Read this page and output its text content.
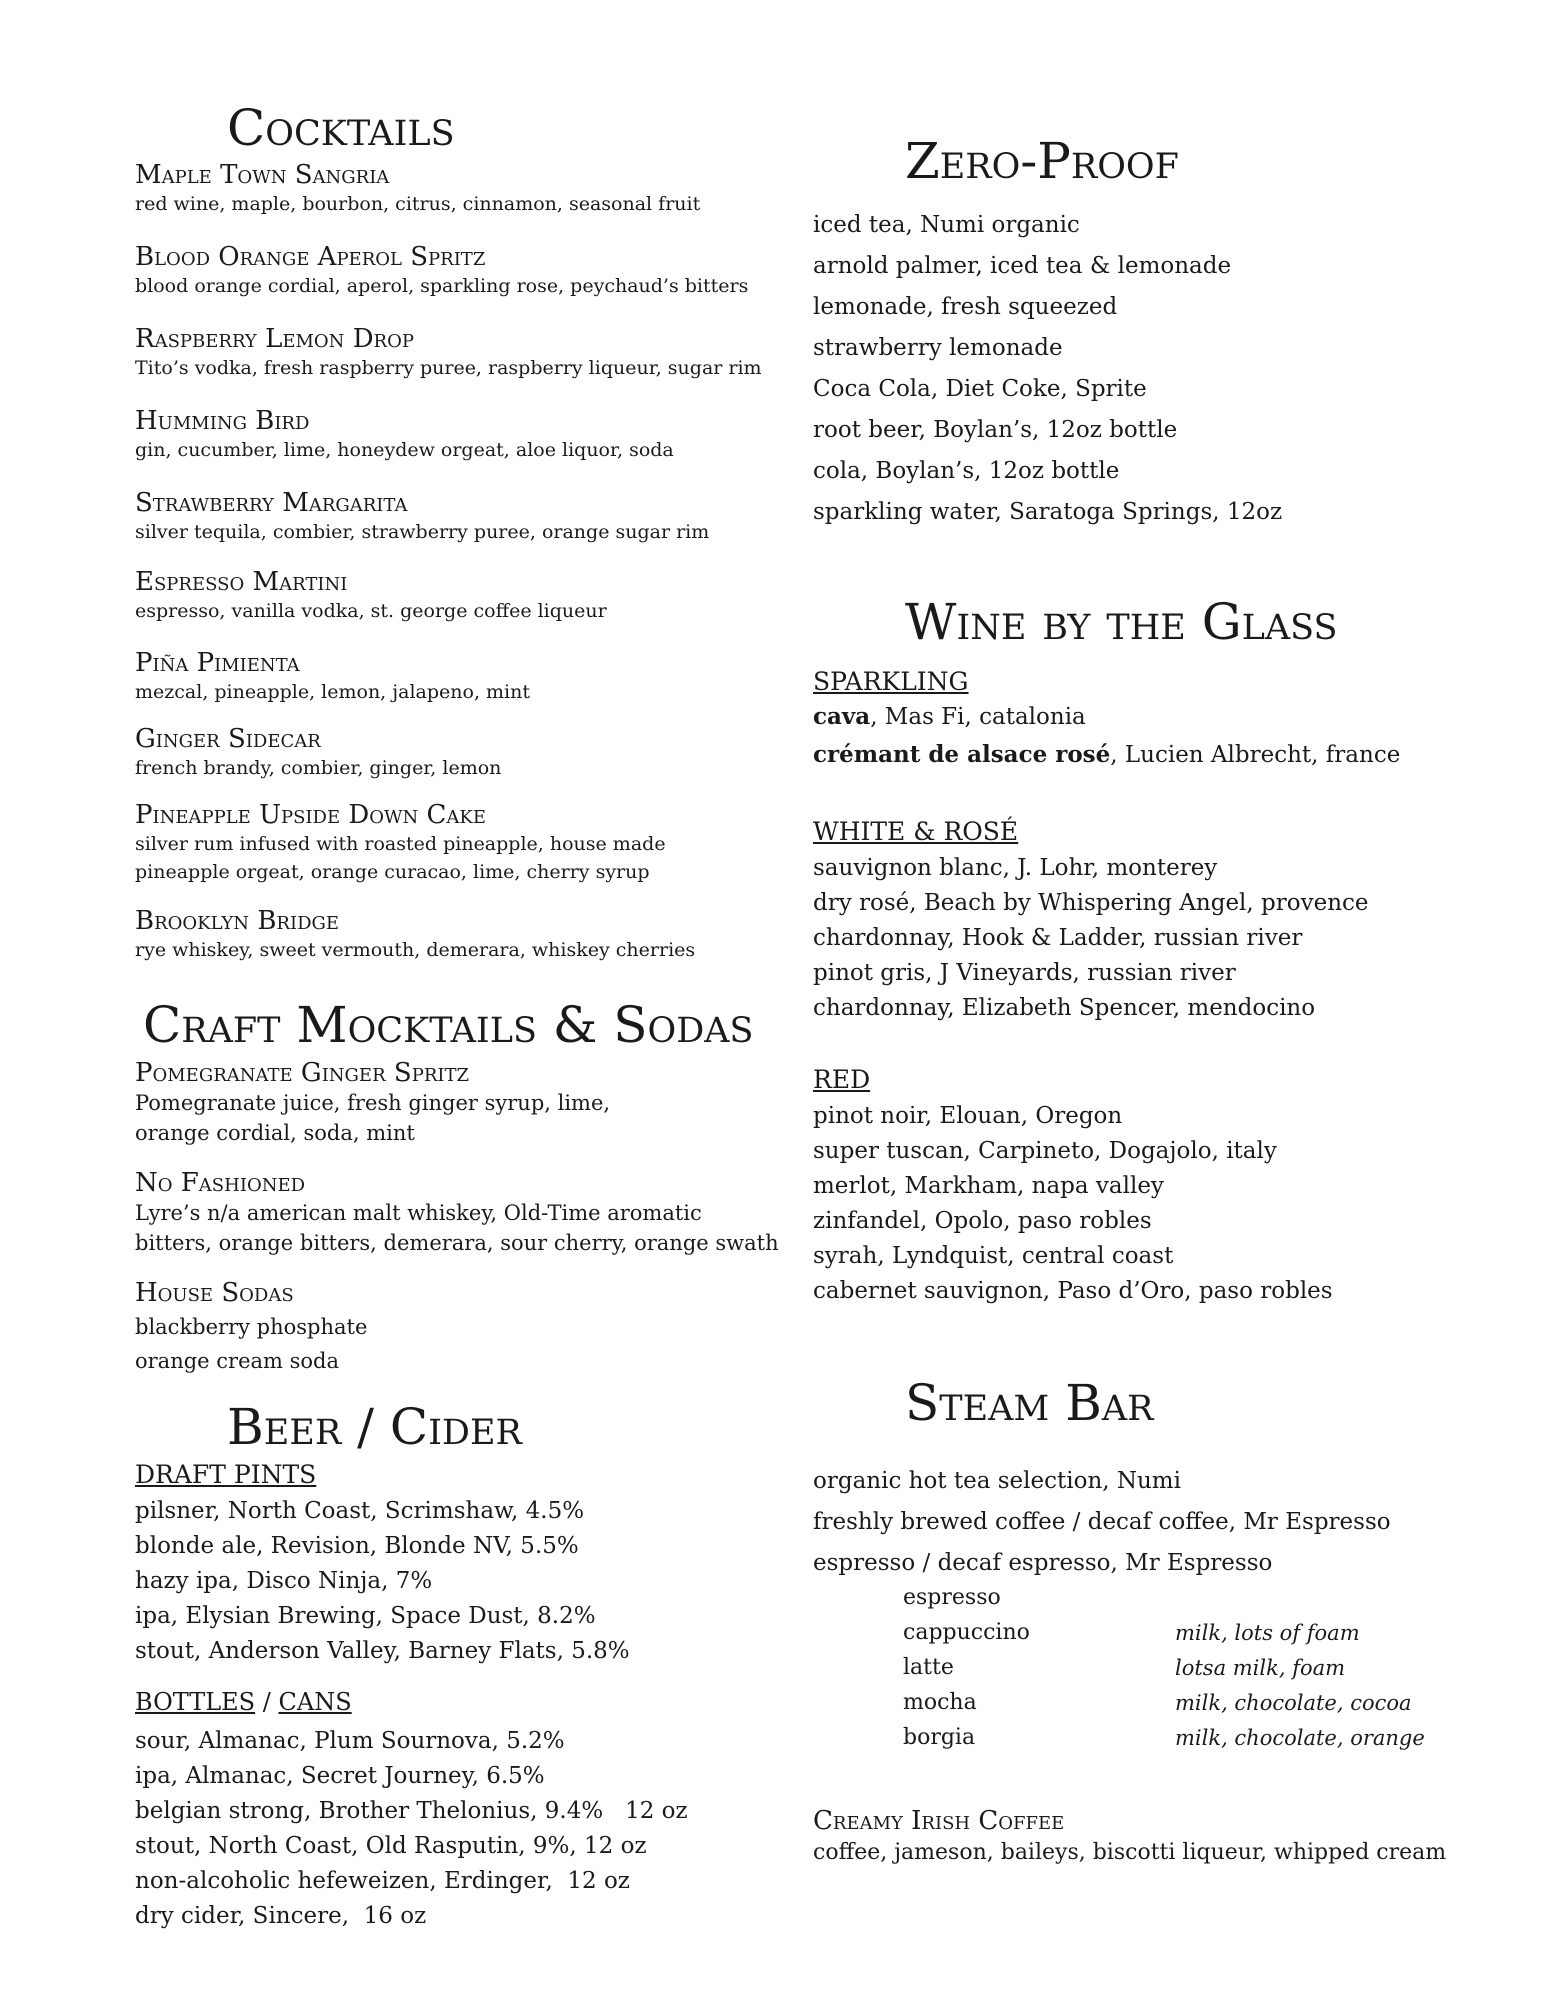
Cocktails
Maple Town Sangria
red wine, maple, bourbon, citrus, cinnamon, seasonal fruit
Blood Orange Aperol Spritz
blood orange cordial, aperol, sparkling rose, peychaud’s bitters
Raspberry Lemon Drop
Tito’s vodka, fresh raspberry puree, raspberry liqueur, sugar rim
Humming Bird
gin, cucumber, lime, honeydew orgeat, aloe liquor, soda
Strawberry Margarita
silver tequila, combier, strawberry puree, orange sugar rim
Espresso Martini
espresso, vanilla vodka, st. george coffee liqueur
Piña Pimienta
mezcal, pineapple, lemon, jalapeno, mint
Ginger Sidecar
french brandy, combier, ginger, lemon
Pineapple Upside Down Cake
silver rum infused with roasted pineapple, house made
pineapple orgeat, orange curacao, lime, cherry syrup
Brooklyn Bridge
rye whiskey, sweet vermouth, demerara, whiskey cherries
Craft Mocktails & Sodas
Pomegranate Ginger Spritz
Pomegranate juice, fresh ginger syrup, lime,
orange cordial, soda, mint
No Fashioned
Lyre’s n/a american malt whiskey, Old-Time aromatic
bitters, orange bitters, demerara, sour cherry, orange swath
House Sodas
blackberry phosphate
orange cream soda
Beer / Cider
DRAFT PINTS
pilsner, North Coast, Scrimshaw, 4.5%
blonde ale, Revision, Blonde NV, 5.5%
hazy ipa, Disco Ninja, 7%
ipa, Elysian Brewing, Space Dust, 8.2%
stout, Anderson Valley, Barney Flats, 5.8%
BOTTLES / CANS
sour, Almanac, Plum Sournova, 5.2%
ipa, Almanac, Secret Journey, 6.5%
belgian strong, Brother Thelonius, 9.4%   12 oz
stout, North Coast, Old Rasputin, 9%, 12 oz
non-alcoholic hefeweizen, Erdinger,  12 oz
dry cider, Sincere,  16 oz
Zero-Proof
iced tea, Numi organic
arnold palmer, iced tea & lemonade
lemonade, fresh squeezed
strawberry lemonade
Coca Cola, Diet Coke, Sprite
root beer, Boylan’s, 12oz bottle
cola, Boylan’s, 12oz bottle
sparkling water, Saratoga Springs, 12oz
Wine by the Glass
SPARKLING
cava, Mas Fi, catalonia
crémant de alsace rosé, Lucien Albrecht, france
WHITE & ROSÉ
sauvignon blanc, J. Lohr, monterey
dry rosé, Beach by Whispering Angel, provence
chardonnay, Hook & Ladder, russian river
pinot gris, J Vineyards, russian river
chardonnay, Elizabeth Spencer, mendocino
RED
pinot noir, Elouan, Oregon
super tuscan, Carpineto, Dogajolo, italy
merlot, Markham, napa valley
zinfandel, Opolo, paso robles
syrah, Lyndquist, central coast
cabernet sauvignon, Paso d’Oro, paso robles
Steam Bar
organic hot tea selection, Numi
freshly brewed coffee / decaf coffee, Mr Espresso
espresso / decaf espresso, Mr Espresso
espresso
cappuccino	milk, lots of foam
latte	lotsa milk, foam
mocha	milk, chocolate, cocoa
borgia	milk, chocolate, orange
Creamy Irish Coffee
coffee, jameson, baileys, biscotti liqueur, whipped cream
